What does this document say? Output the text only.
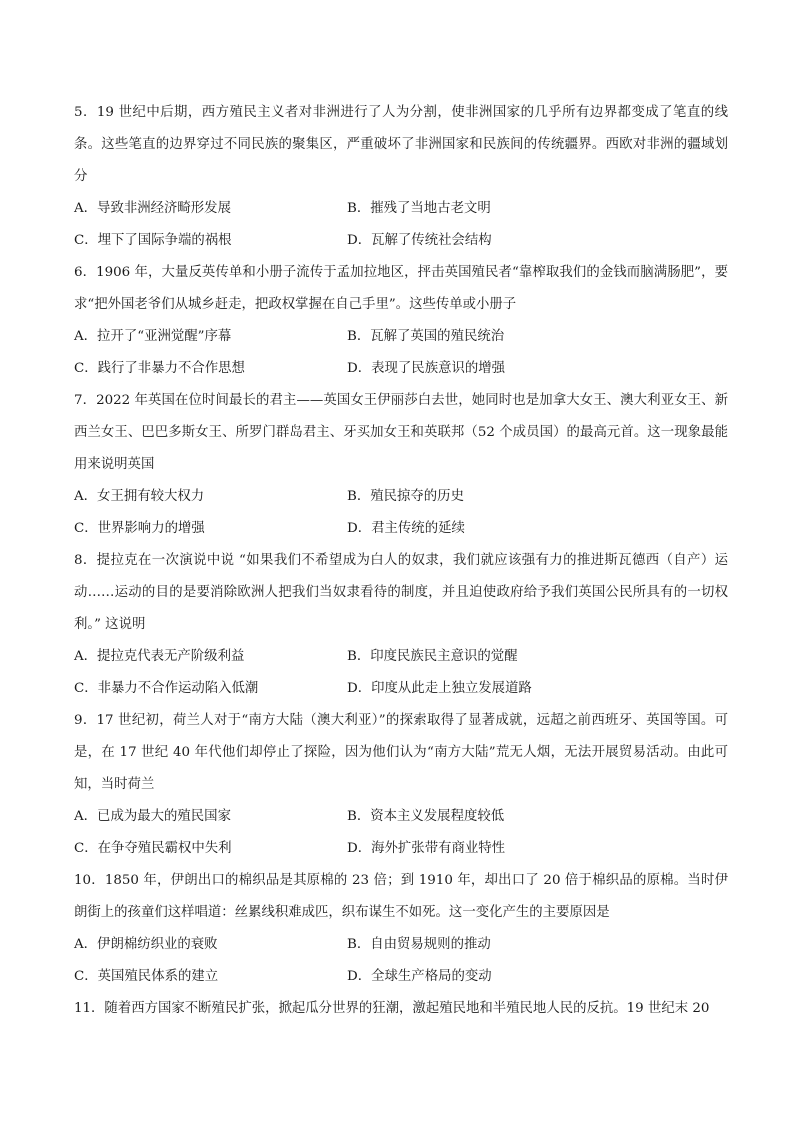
5．19 世纪中后期，西方殖民主义者对非洲进行了人为分割，使非洲国家的几乎所有边界都变成了笔直的线条。这些笔直的边界穿过不同民族的聚集区，严重破坏了非洲国家和民族间的传统疆界。西欧对非洲的疆域划分

A．导致非洲经济畸形发展	B．摧残了当地古老文明
C．埋下了国际争端的祸根	D．瓦解了传统社会结构

6．1906 年，大量反英传单和小册子流传于孟加拉地区，抨击英国殖民者“靠榨取我们的金钱而脑满肠肥”，要求“把外国老爷们从城乡赶走，把政权掌握在自己手里”。这些传单或小册子

A．拉开了“亚洲觉醒”序幕	B．瓦解了英国的殖民统治
C．践行了非暴力不合作思想	D．表现了民族意识的增强

7．2022 年英国在位时间最长的君主——英国女王伊丽莎白去世，她同时也是加拿大女王、澳大利亚女王、新西兰女王、巴巴多斯女王、所罗门群岛君主、牙买加女王和英联邦（52 个成员国）的最高元首。这一现象最能用来说明英国

A．女王拥有较大权力	B．殖民掠夺的历史
C．世界影响力的增强	D．君主传统的延续

8．提拉克在一次演说中说 “如果我们不希望成为白人的奴隶，我们就应该强有力的推进斯瓦德西（自产）运动……运动的目的是要消除欧洲人把我们当奴隶看待的制度，并且迫使政府给予我们英国公民所具有的一切权利。” 这说明

A．提拉克代表无产阶级利益	B．印度民族民主意识的觉醒
C．非暴力不合作运动陷入低潮	D．印度从此走上独立发展道路

9．17 世纪初，荷兰人对于“南方大陆（澳大利亚）”的探索取得了显著成就，远超之前西班牙、英国等国。可是，在 17 世纪 40 年代他们却停止了探险，因为他们认为“南方大陆”荒无人烟，无法开展贸易活动。由此可知，当时荷兰

A．已成为最大的殖民国家	B．资本主义发展程度较低
C．在争夺殖民霸权中失利	D．海外扩张带有商业特性

10．1850 年，伊朗出口的棉织品是其原棉的 23 倍；到 1910 年，却出口了 20 倍于棉织品的原棉。当时伊朗街上的孩童们这样唱道：丝累线积难成匹，织布谋生不如死。这一变化产生的主要原因是

A．伊朗棉纺织业的衰败	B．自由贸易规则的推动
C．英国殖民体系的建立	D．全球生产格局的变动

11．随着西方国家不断殖民扩张，掀起瓜分世界的狂潮，激起殖民地和半殖民地人民的反抗。19 世纪末 20
